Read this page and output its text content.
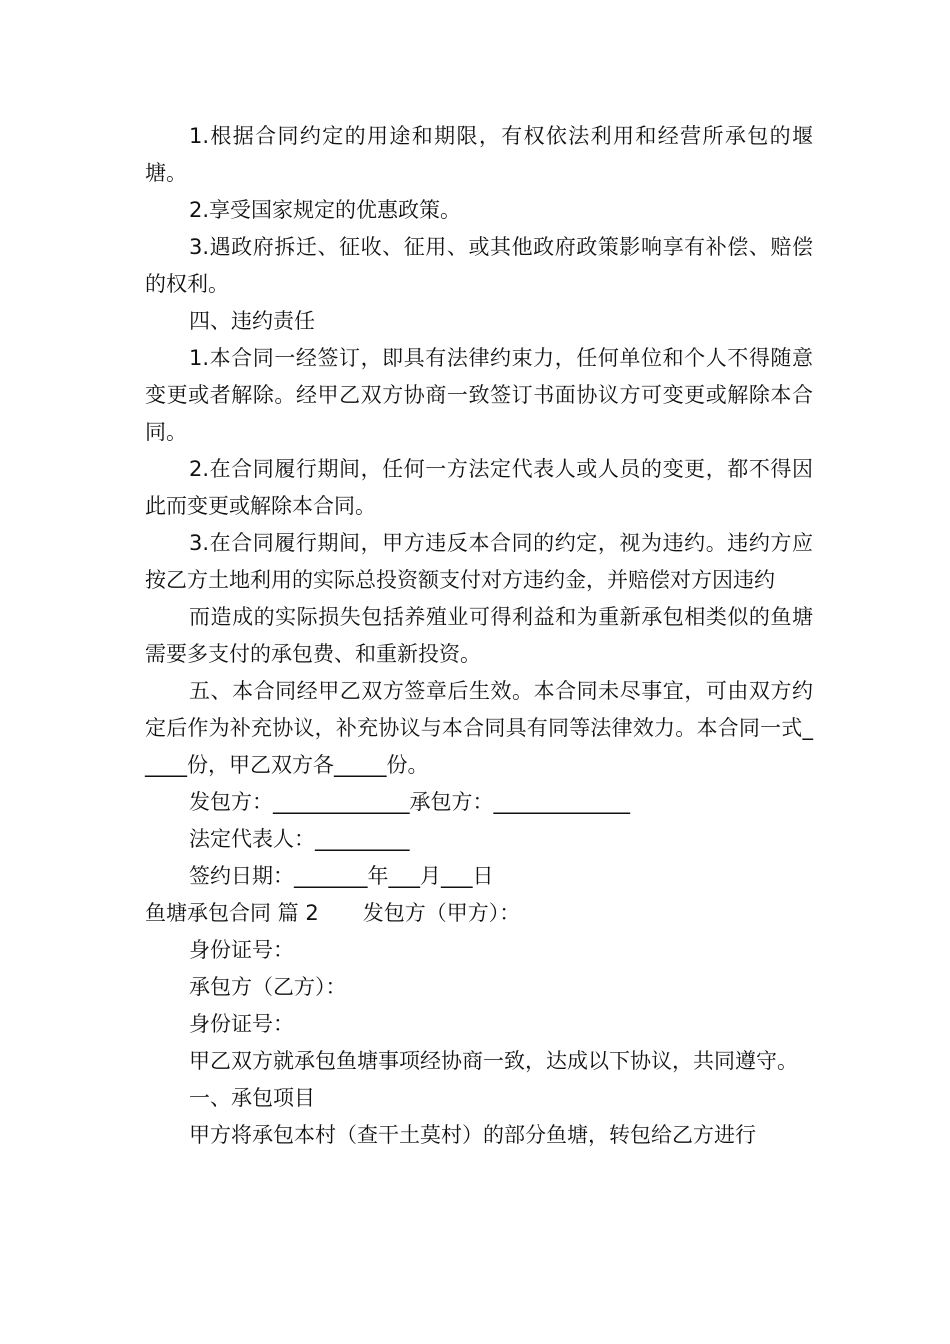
1.根据合同约定的用途和期限，有权依法利用和经营所承包的堰塘。

2.享受国家规定的优惠政策。

3.遇政府拆迁、征收、征用、或其他政府政策影响享有补偿、赔偿的权利。

四、违约责任

1.本合同一经签订，即具有法律约束力，任何单位和个人不得随意变更或者解除。经甲乙双方协商一致签订书面协议方可变更或解除本合同。

2.在合同履行期间，任何一方法定代表人或人员的变更，都不得因此而变更或解除本合同。

3.在合同履行期间，甲方违反本合同的约定，视为违约。违约方应按乙方土地利用的实际总投资额支付对方违约金，并赔偿对方因违约

而造成的实际损失包括养殖业可得利益和为重新承包相类似的鱼塘需要多支付的承包费、和重新投资。

五、本合同经甲乙双方签章后生效。本合同未尽事宜，可由双方约定后作为补充协议，补充协议与本合同具有同等法律效力。本合同一式_____份，甲乙双方各_____份。

发包方：_____________承包方：_____________

法定代表人：_________

签约日期：_______年___月___日

鱼塘承包合同 篇 2 发包方（甲方）：

身份证号：

承包方（乙方）：

身份证号：

甲乙双方就承包鱼塘事项经协商一致，达成以下协议，共同遵守。

一、承包项目

甲方将承包本村（查干土莫村）的部分鱼塘，转包给乙方进行
